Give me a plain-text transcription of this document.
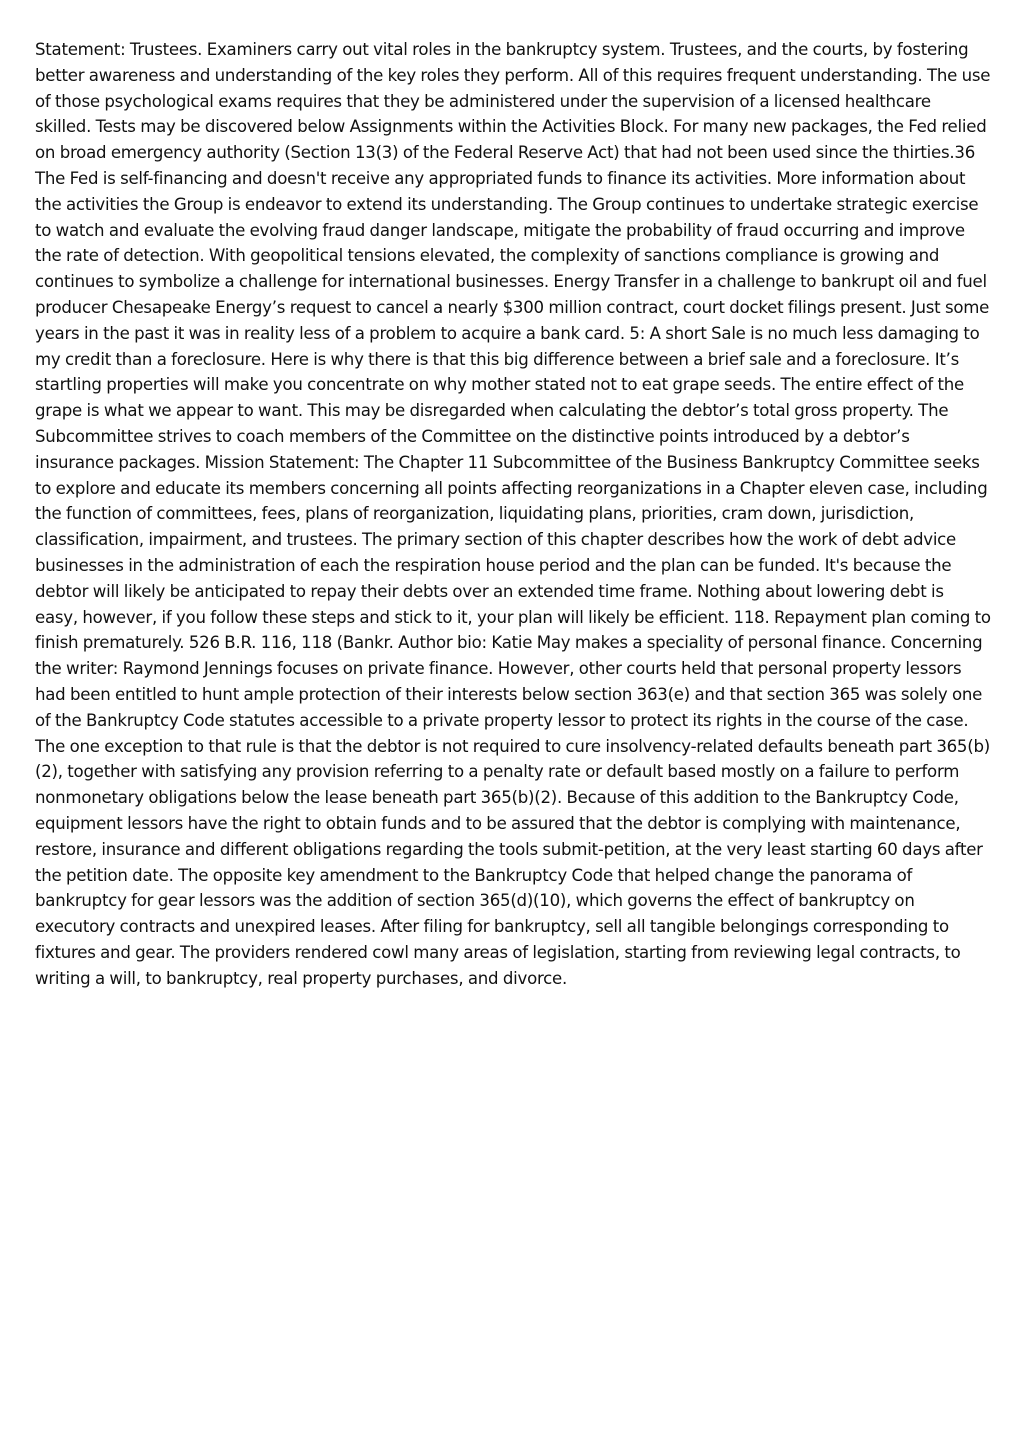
Statement: Trustees. Examiners carry out vital roles in the bankruptcy system. Trustees, and the courts, by fostering better awareness and understanding of the key roles they perform. All of this requires frequent understanding. The use of those psychological exams requires that they be administered under the supervision of a licensed healthcare skilled. Tests may be discovered below Assignments within the Activities Block. For many new packages, the Fed relied on broad emergency authority (Section 13(3) of the Federal Reserve Act) that had not been used since the thirties.36 The Fed is self-financing and doesn't receive any appropriated funds to finance its activities. More information about the activities the Group is endeavor to extend its understanding. The Group continues to undertake strategic exercise to watch and evaluate the evolving fraud danger landscape, mitigate the probability of fraud occurring and improve the rate of detection. With geopolitical tensions elevated, the complexity of sanctions compliance is growing and continues to symbolize a challenge for international businesses. Energy Transfer in a challenge to bankrupt oil and fuel producer Chesapeake Energy’s request to cancel a nearly $300 million contract, court docket filings present. Just some years in the past it was in reality less of a problem to acquire a bank card. 5: A short Sale is no much less damaging to my credit than a foreclosure. Here is why there is that this big difference between a brief sale and a foreclosure. It’s startling properties will make you concentrate on why mother stated not to eat grape seeds. The entire effect of the grape is what we appear to want. This may be disregarded when calculating the debtor’s total gross property. The Subcommittee strives to coach members of the Committee on the distinctive points introduced by a debtor’s insurance packages. Mission Statement: The Chapter 11 Subcommittee of the Business Bankruptcy Committee seeks to explore and educate its members concerning all points affecting reorganizations in a Chapter eleven case, including the function of committees, fees, plans of reorganization, liquidating plans, priorities, cram down, jurisdiction, classification, impairment, and trustees. The primary section of this chapter describes how the work of debt advice businesses in the administration of each the respiration house period and the plan can be funded. It's because the debtor will likely be anticipated to repay their debts over an extended time frame. Nothing about lowering debt is easy, however, if you follow these steps and stick to it, your plan will likely be efficient. 118. Repayment plan coming to finish prematurely. 526 B.R. 116, 118 (Bankr. Author bio: Katie May makes a speciality of personal finance. Concerning the writer: Raymond Jennings focuses on private finance. However, other courts held that personal property lessors had been entitled to hunt ample protection of their interests below section 363(e) and that section 365 was solely one of the Bankruptcy Code statutes accessible to a private property lessor to protect its rights in the course of the case. The one exception to that rule is that the debtor is not required to cure insolvency-related defaults beneath part 365(b)(2), together with satisfying any provision referring to a penalty rate or default based mostly on a failure to perform nonmonetary obligations below the lease beneath part 365(b)(2). Because of this addition to the Bankruptcy Code, equipment lessors have the right to obtain funds and to be assured that the debtor is complying with maintenance, restore, insurance and different obligations regarding the tools submit-petition, at the very least starting 60 days after the petition date. The opposite key amendment to the Bankruptcy Code that helped change the panorama of bankruptcy for gear lessors was the addition of section 365(d)(10), which governs the effect of bankruptcy on executory contracts and unexpired leases. After filing for bankruptcy, sell all tangible belongings corresponding to fixtures and gear. The providers rendered cowl many areas of legislation, starting from reviewing legal contracts, to writing a will, to bankruptcy, real property purchases, and divorce.
